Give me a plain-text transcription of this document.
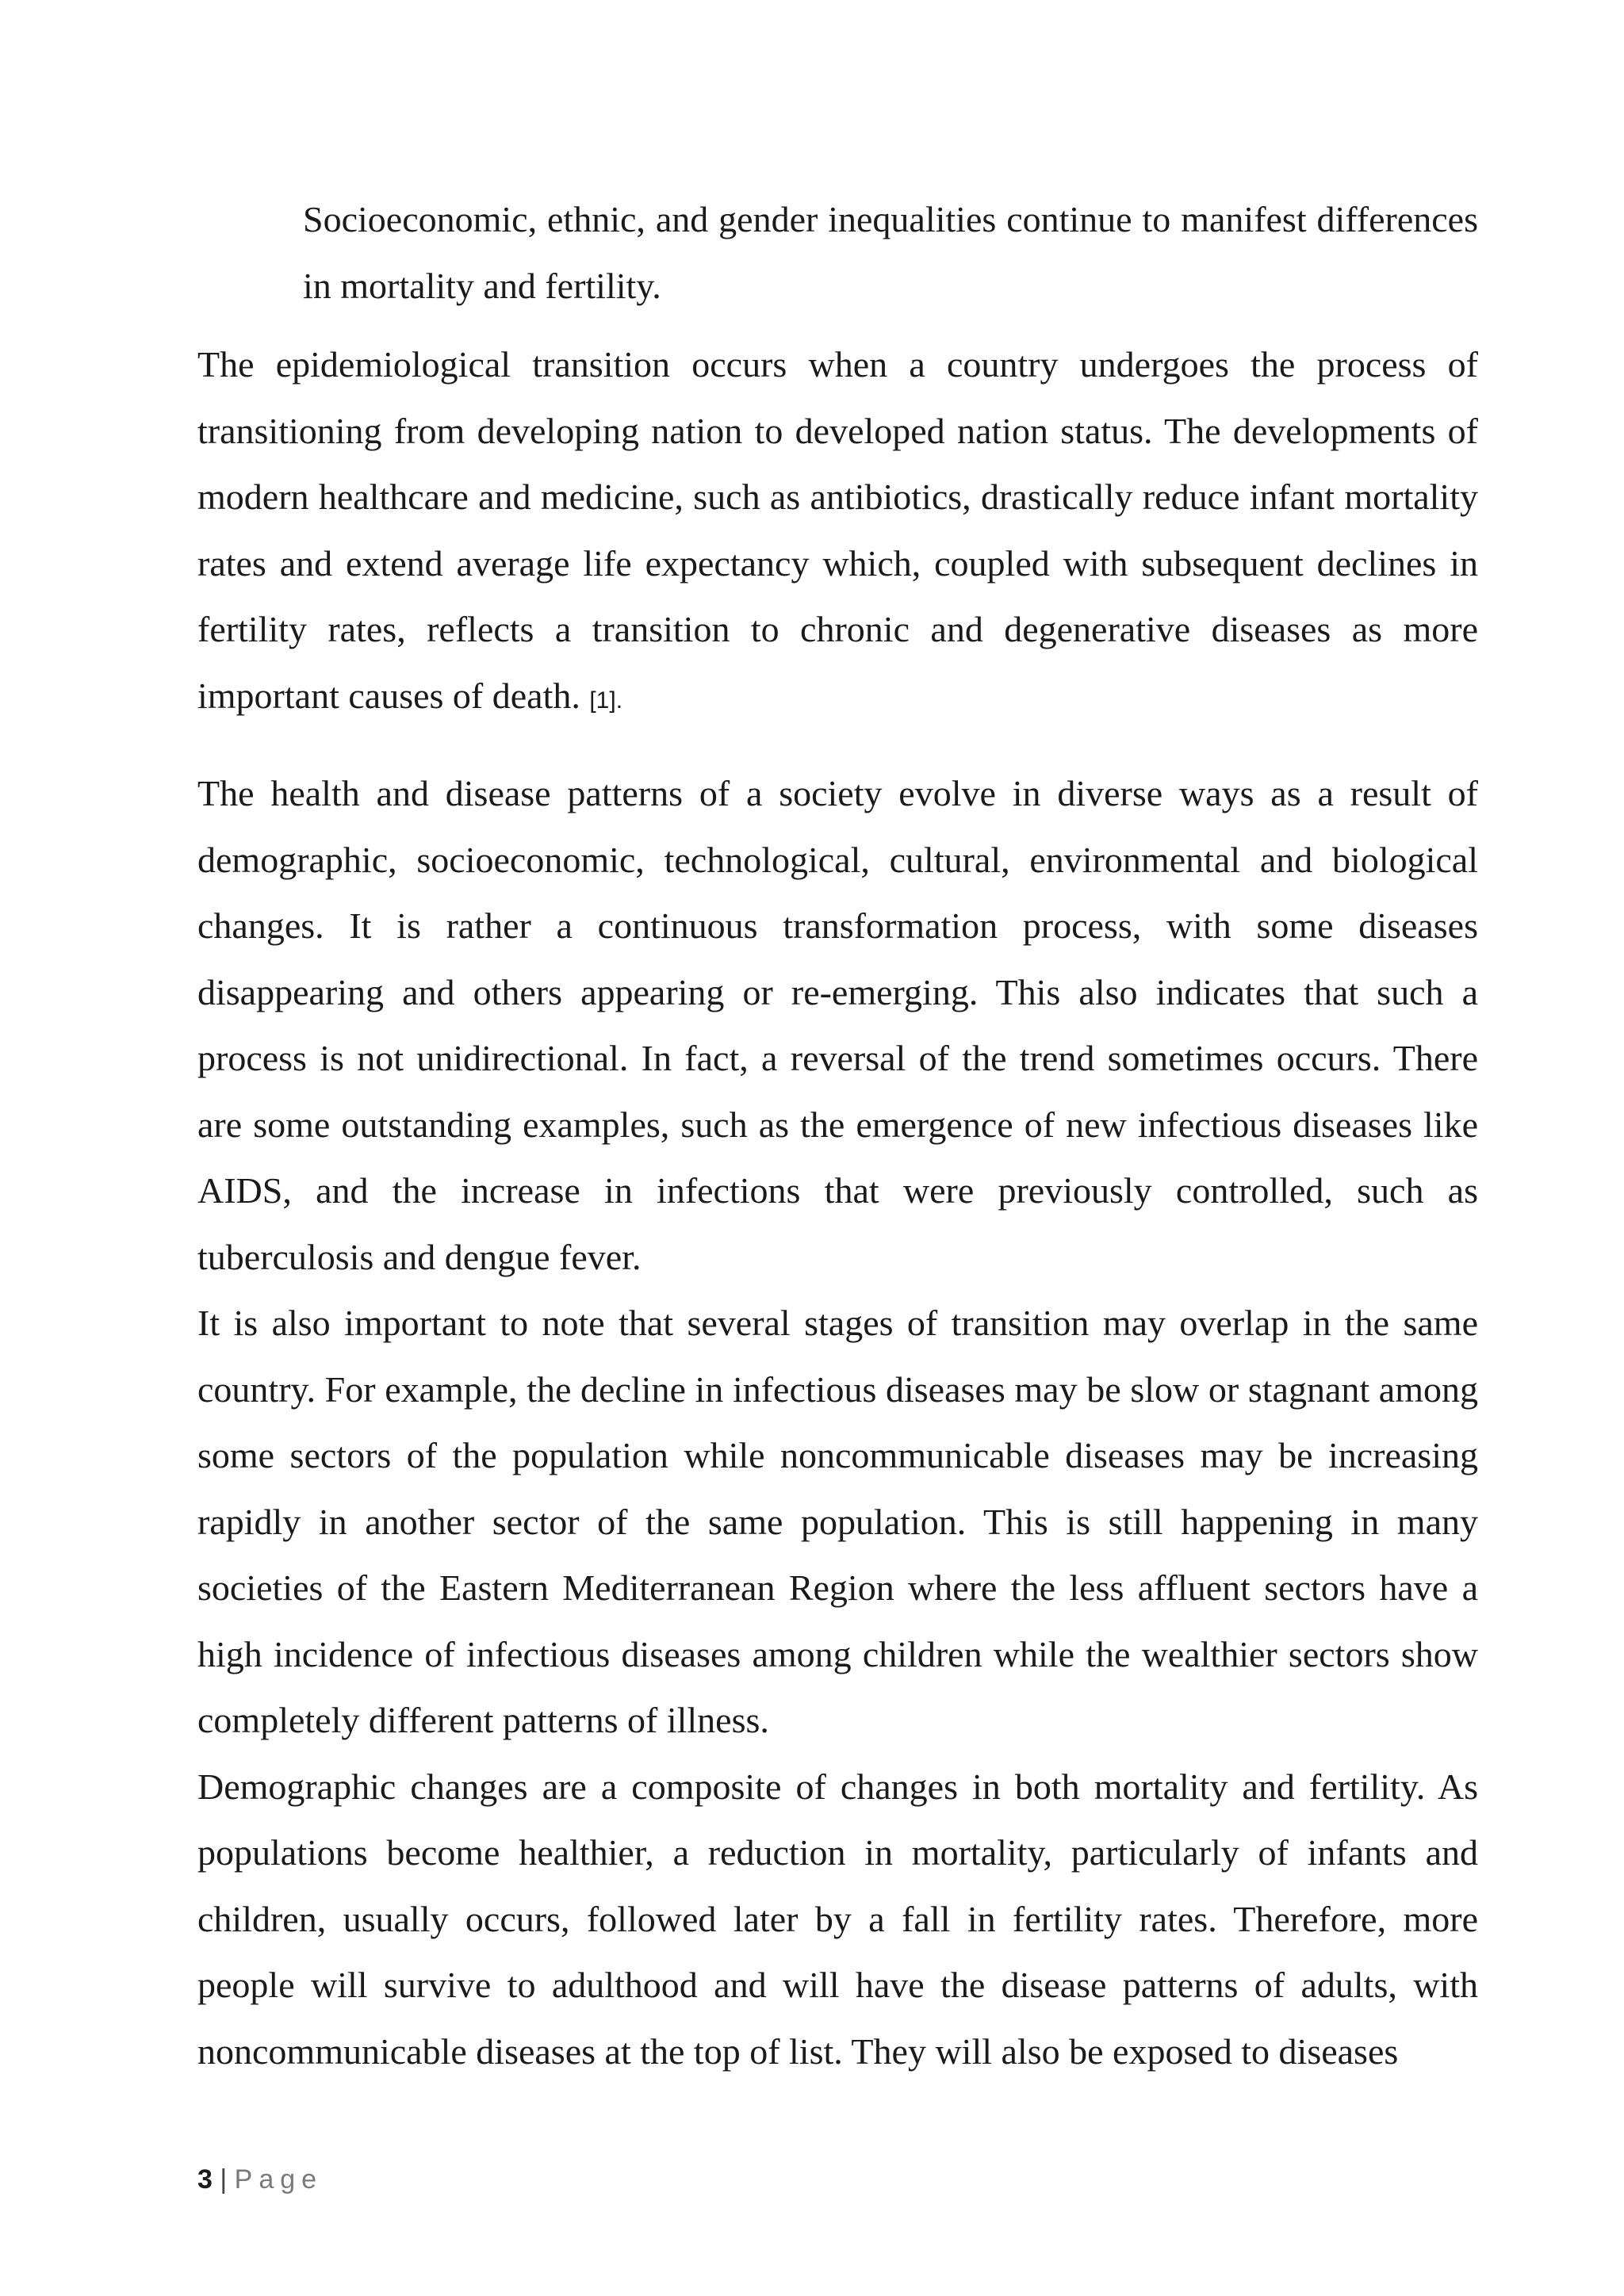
Socioeconomic, ethnic, and gender inequalities continue to manifest differences in mortality and fertility.

The epidemiological transition occurs when a country undergoes the process of transitioning from developing nation to developed nation status. The developments of modern healthcare and medicine, such as antibiotics, drastically reduce infant mortality rates and extend average life expectancy which, coupled with subsequent declines in fertility rates, reflects a transition to chronic and degenerative diseases as more important causes of death. [1].

The health and disease patterns of a society evolve in diverse ways as a result of demographic, socioeconomic, technological, cultural, environmental and biological changes. It is rather a continuous transformation process, with some diseases disappearing and others appearing or re-emerging. This also indicates that such a process is not unidirectional. In fact, a reversal of the trend sometimes occurs. There are some outstanding examples, such as the emergence of new infectious diseases like AIDS, and the increase in infections that were previously controlled, such as tuberculosis and dengue fever.

It is also important to note that several stages of transition may overlap in the same country. For example, the decline in infectious diseases may be slow or stagnant among some sectors of the population while noncommunicable diseases may be increasing rapidly in another sector of the same population. This is still happening in many societies of the Eastern Mediterranean Region where the less affluent sectors have a high incidence of infectious diseases among children while the wealthier sectors show completely different patterns of illness.

Demographic changes are a composite of changes in both mortality and fertility. As populations become healthier, a reduction in mortality, particularly of infants and children, usually occurs, followed later by a fall in fertility rates. Therefore, more people will survive to adulthood and will have the disease patterns of adults, with noncommunicable diseases at the top of list. They will also be exposed to diseases

3 | Page
